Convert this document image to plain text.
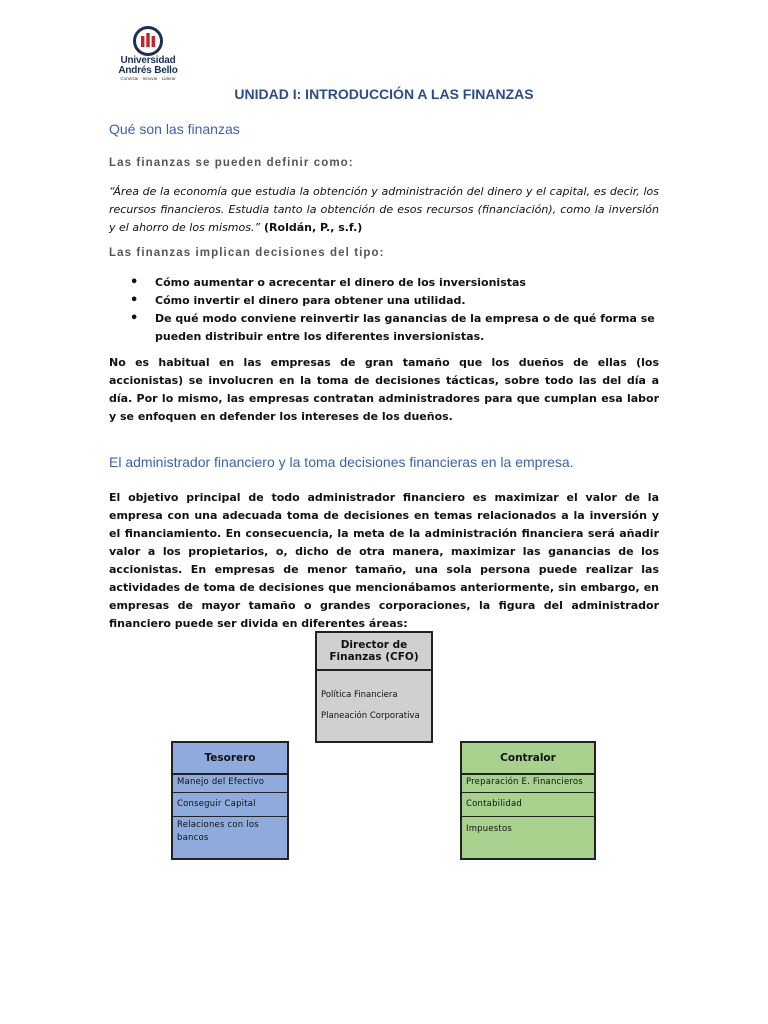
Universidad
Andrés Bello
Conectar · Innovar · Liderar
UNIDAD I: INTRODUCCIÓN A LAS FINANZAS
Qué son las finanzas
Las finanzas se pueden definir como:
“Área de la economía que estudia la obtención y administración del dinero y el capital, es decir, los recursos financieros. Estudia tanto la obtención de esos recursos (financiación), como la inversión y el ahorro de los mismos.” (Roldán, P., s.f.)
Las finanzas implican decisiones del tipo:
• Cómo aumentar o acrecentar el dinero de los inversionistas
• Cómo invertir el dinero para obtener una utilidad.
• De qué modo conviene reinvertir las ganancias de la empresa o de qué forma se pueden distribuir entre los diferentes inversionistas.
No es habitual en las empresas de gran tamaño que los dueños de ellas (los accionistas) se involucren en la toma de decisiones tácticas, sobre todo las del día a día. Por lo mismo, las empresas contratan administradores para que cumplan esa labor y se enfoquen en defender los intereses de los dueños.
El administrador financiero y la toma decisiones financieras en la empresa.
El objetivo principal de todo administrador financiero es maximizar el valor de la empresa con una adecuada toma de decisiones en temas relacionados a la inversión y el financiamiento. En consecuencia, la meta de la administración financiera será añadir valor a los propietarios, o, dicho de otra manera, maximizar las ganancias de los accionistas. En empresas de menor tamaño, una sola persona puede realizar las actividades de toma de decisiones que mencionábamos anteriormente, sin embargo, en empresas de mayor tamaño o grandes corporaciones, la figura del administrador financiero puede ser divida en diferentes áreas:
Director de Finanzas (CFO)
Política Financiera
Planeación Corporativa
Tesorero
Manejo del Efectivo
Conseguir Capital
Relaciones con los bancos
Contralor
Preparación E. Financieros
Contabilidad
Impuestos
